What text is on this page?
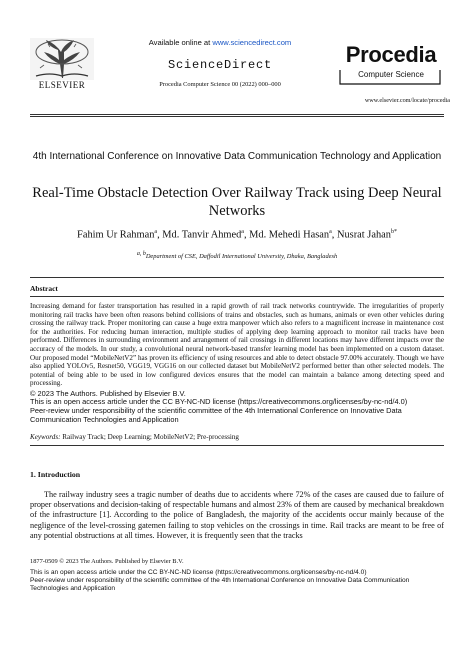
ELSEVIER
Available online at www.sciencedirect.com
ScienceDirect
Procedia Computer Science 00 (2022) 000–000
Procedia
Computer Science
www.elsevier.com/locate/procedia
4th International Conference on Innovative Data Communication Technology and Application
Real-Time Obstacle Detection Over Railway Track using Deep Neural Networks
Fahim Ur Rahman$^a$, Md. Tanvir Ahmed$^a$, Md. Mehedi Hasan$^a$, Nusrat Jahan$^{b*}$
$^{a, b}$Department of CSE, Daffodil International University, Dhaka, Bangladesh
Abstract
Increasing demand for faster transportation has resulted in a rapid growth of rail track networks countrywide. The irregularities of properly monitoring rail tracks have been often reasons behind collisions of trains and obstacles, such as humans, animals or even other vehicles during crossing the railway track. Proper monitoring can cause a huge extra manpower which also refers to a magnificent increase in maintenance cost for the authorities. For reducing human interaction, multiple studies of applying deep learning approach to monitor rail tracks have been performed. Differences in surrounding environment and arrangement of rail crossings in different locations may have different impacts over the accuracy of the models. In our study, a convolutional neural network-based transfer learning model has been implemented on a custom dataset. Our proposed model “MobileNetV2” has proven its efficiency of using resources and able to detect obstacle 97.00% accurately. Though we have also applied YOLOv5, Resnet50, VGG19, VGG16 on our collected dataset but MobileNetV2 performed better than other selected models. The potential of being able to be used in low configured devices ensures that the model can maintain a balance among detecting speed and processing.
© 2023 The Authors. Published by Elsevier B.V.
This is an open access article under the CC BY-NC-ND license (https://creativecommons.org/licenses/by-nc-nd/4.0)
Peer-review under responsibility of the scientific committee of the 4th International Conference on Innovative Data Communication Technologies and Application
Keywords: Railway Track; Deep Learning; MobileNetV2; Pre-processing
1. Introduction
The railway industry sees a tragic number of deaths due to accidents where 72% of the cases are caused due to failure of proper observations and decision-taking of respectable humans and almost 23% of them are caused by mechanical breakdown of the infrastructure [1]. According to the police of Bangladesh, the majority of the accidents occur mainly because of the negligence of the level-crossing gatemen failing to stop vehicles on the crossings in time. Rail tracks are meant to be free of any potential obstructions at all times. However, it is frequently seen that the tracks
1877-0509 © 2023 The Authors. Published by Elsevier B.V.
This is an open access article under the CC BY-NC-ND license (https://creativecommons.org/licenses/by-nc-nd/4.0)
Peer-review under responsibility of the scientific committee of the 4th International Conference on Innovative Data Communication Technologies and Application
